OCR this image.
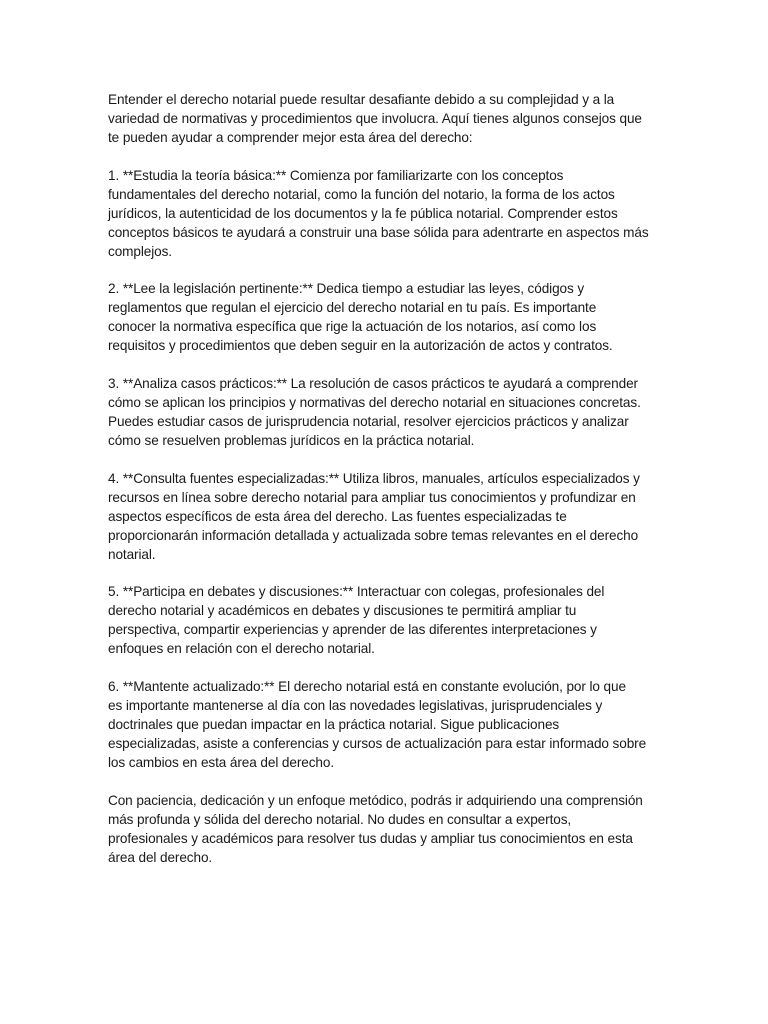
Entender el derecho notarial puede resultar desafiante debido a su complejidad y a la
variedad de normativas y procedimientos que involucra. Aquí tienes algunos consejos que
te pueden ayudar a comprender mejor esta área del derecho:
1. **Estudia la teoría básica:** Comienza por familiarizarte con los conceptos
fundamentales del derecho notarial, como la función del notario, la forma de los actos
jurídicos, la autenticidad de los documentos y la fe pública notarial. Comprender estos
conceptos básicos te ayudará a construir una base sólida para adentrarte en aspectos más
complejos.
2. **Lee la legislación pertinente:** Dedica tiempo a estudiar las leyes, códigos y
reglamentos que regulan el ejercicio del derecho notarial en tu país. Es importante
conocer la normativa específica que rige la actuación de los notarios, así como los
requisitos y procedimientos que deben seguir en la autorización de actos y contratos.
3. **Analiza casos prácticos:** La resolución de casos prácticos te ayudará a comprender
cómo se aplican los principios y normativas del derecho notarial en situaciones concretas.
Puedes estudiar casos de jurisprudencia notarial, resolver ejercicios prácticos y analizar
cómo se resuelven problemas jurídicos en la práctica notarial.
4. **Consulta fuentes especializadas:** Utiliza libros, manuales, artículos especializados y
recursos en línea sobre derecho notarial para ampliar tus conocimientos y profundizar en
aspectos específicos de esta área del derecho. Las fuentes especializadas te
proporcionarán información detallada y actualizada sobre temas relevantes en el derecho
notarial.
5. **Participa en debates y discusiones:** Interactuar con colegas, profesionales del
derecho notarial y académicos en debates y discusiones te permitirá ampliar tu
perspectiva, compartir experiencias y aprender de las diferentes interpretaciones y
enfoques en relación con el derecho notarial.
6. **Mantente actualizado:** El derecho notarial está en constante evolución, por lo que
es importante mantenerse al día con las novedades legislativas, jurisprudenciales y
doctrinales que puedan impactar en la práctica notarial. Sigue publicaciones
especializadas, asiste a conferencias y cursos de actualización para estar informado sobre
los cambios en esta área del derecho.
Con paciencia, dedicación y un enfoque metódico, podrás ir adquiriendo una comprensión
más profunda y sólida del derecho notarial. No dudes en consultar a expertos,
profesionales y académicos para resolver tus dudas y ampliar tus conocimientos en esta
área del derecho.
